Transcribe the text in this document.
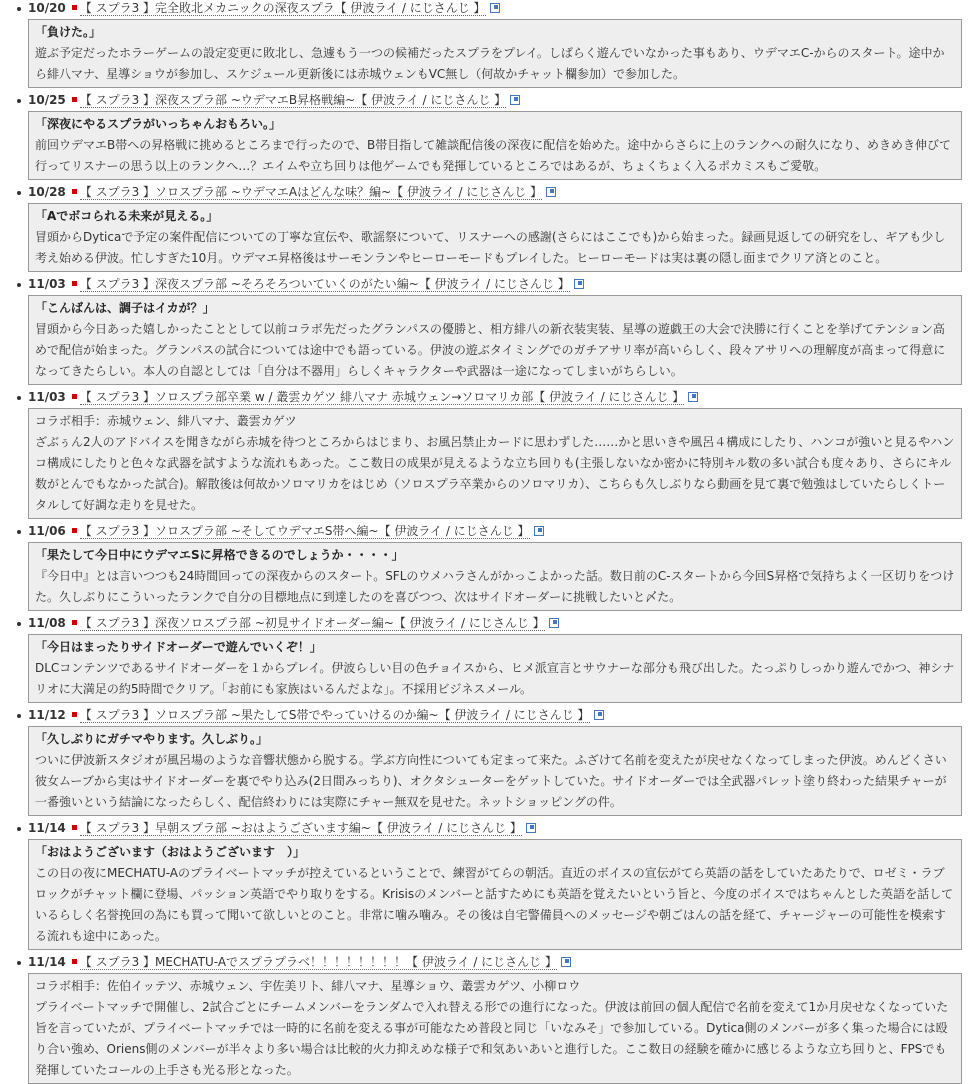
10/20 【 スプラ3 】完全敗北メカニックの深夜スプラ【 伊波ライ / にじさんじ 】
「負けた。」
遊ぶ予定だったホラーゲームの設定変更に敗北し、急遽もう一つの候補だったスプラをプレイ。しばらく遊んでいなかった事もあり、ウデマエC-からのスタート。途中から緋八マナ、星導ショウが参加し、スケジュール更新後には赤城ウェンもVC無し（何故かチャット欄参加）で参加した。
10/25 【 スプラ3 】深夜スプラ部 ~ウデマエB昇格戦編~【 伊波ライ / にじさんじ 】
「深夜にやるスプラがいっちゃんおもろい。」
前回ウデマエB帯への昇格戦に挑めるところまで行ったので、B帯目指して雑談配信後の深夜に配信を始めた。途中からさらに上のランクへの耐久になり、めきめき伸びて行ってリスナーの思う以上のランクへ…？エイムや立ち回りは他ゲームでも発揮しているところではあるが、ちょくちょく入るポカミスもご愛敬。
10/28 【 スプラ3 】ソロスプラ部 ~ウデマエAはどんな味？編~【 伊波ライ / にじさんじ 】
「Aでボコられる未来が見える。」
冒頭からDyticaで予定の案件配信についての丁寧な宣伝や、歌謡祭について、リスナーへの感謝(さらにはここでも)から始まった。録画見返しての研究をし、ギアも少し考え始める伊波。忙しすぎた10月。ウデマエ昇格後はサーモンランやヒーローモードもプレイした。ヒーローモードは実は裏の隠し面までクリア済とのこと。
11/03 【 スプラ3 】深夜スプラ部 ~そろそろついていくのがたい編~【 伊波ライ / にじさんじ 】
「こんばんは、調子はイカが？」
冒頭から今日あった嬉しかったこととして以前コラボ先だったグランパスの優勝と、相方緋八の新衣装実装、星導の遊戯王の大会で決勝に行くことを挙げてテンション高めで配信が始まった。グランパスの試合については途中でも語っている。伊波の遊ぶタイミングでのガチアサリ率が高いらしく、段々アサリへの理解度が高まって得意になってきたらしい。本人の自認としては「自分は不器用」らしくキャラクターや武器は一途になってしまいがちらしい。
11/03 【 スプラ3 】ソロスプラ部卒業 w / 叢雲カゲツ 緋八マナ 赤城ウェン→ソロマリカ部【 伊波ライ / にじさんじ 】
コラボ相手：赤城ウェン、緋八マナ、叢雲カゲツ
ざぶぅん2人のアドバイスを聞きながら赤城を待つところからはじまり、お風呂禁止カードに思わずした……かと思いきや風呂４構成にしたり、ハンコが強いと見るやハンコ構成にしたりと色々な武器を試すような流れもあった。ここ数日の成果が見えるような立ち回りも(主張しないなか密かに特別キル数の多い試合も度々あり、さらにキル数がとんでもなかった試合)。解散後は何故かソロマリカをはじめ（ソロスプラ卒業からのソロマリカ）、こちらも久しぶりなら動画を見て裏で勉強はしていたらしくトータルして好調な走りを見せた。
11/06 【 スプラ3 】ソロスプラ部 ~そしてウデマエS帯へ編~【 伊波ライ / にじさんじ 】
「果たして今日中にウデマエSに昇格できるのでしょうか・・・・」
『今日中』とは言いつつも24時間回っての深夜からのスタート。SFLのウメハラさんがかっこよかった話。数日前のC-スタートから今回S昇格で気持ちよく一区切りをつけた。久しぶりにこういったランクで自分の目標地点に到達したのを喜びつつ、次はサイドオーダーに挑戦したいと〆た。
11/08 【 スプラ3 】深夜ソロスプラ部 ~初見サイドオーダー編~【 伊波ライ / にじさんじ 】
「今日はまったりサイドオーダーで遊んでいくぞ！」
DLCコンテンツであるサイドオーダーを１からプレイ。伊波らしい目の色チョイスから、ヒメ派宣言とサウナーな部分も飛び出した。たっぷりしっかり遊んでかつ、神シナリオに大満足の約5時間でクリア。「お前にも家族はいるんだよな」。不採用ビジネスメール。
11/12 【 スプラ3 】ソロスプラ部 ~果たしてS帯でやっていけるのか編~【 伊波ライ / にじさんじ 】
「久しぶりにガチマやります。久しぶり。」
ついに伊波新スタジオが風呂場のような音響状態から脱する。学ぶ方向性についても定まって来た。ふざけて名前を変えたが戻せなくなってしまった伊波。めんどくさい彼女ムーブから実はサイドオーダーを裏でやり込み(2日間みっちり)、オクタシューターをゲットしていた。サイドオーダーでは全武器パレット塗り終わった結果チャーが一番強いという結論になったらしく、配信終わりには実際にチャー無双を見せた。ネットショッピングの件。
11/14 【 スプラ3 】早朝スプラ部 ~おはようございます編~【 伊波ライ / にじさんじ 】
「おはようございます（おはようございます　）」
この日の夜にMECHATU-Aのプライベートマッチが控えているということで、練習がてらの朝活。直近のボイスの宣伝がてら英語の話をしていたあたりで、ロゼミ・ラブロックがチャット欄に登場、パッション英語でやり取りをする。Krisisのメンバーと話すためにも英語を覚えたいという旨と、今度のボイスではちゃんとした英語を話しているらしく名誉挽回の為にも買って聞いて欲しいとのこと。非常に噛み噛み。その後は自宅警備員へのメッセージや朝ごはんの話を経て、チャージャーの可能性を模索する流れも途中にあった。
11/14 【 スプラ3 】MECHATU-Aでスプラプラベ！！！！！！！！【 伊波ライ / にじさんじ 】
コラボ相手：佐伯イッテツ、赤城ウェン、宇佐美リト、緋八マナ、星導ショウ、叢雲カゲツ、小柳ロウ
プライベートマッチで開催し、2試合ごとにチームメンバーをランダムで入れ替える形での進行になった。伊波は前回の個人配信で名前を変えて1か月戻せなくなっていた旨を言っていたが、プライベートマッチでは一時的に名前を変える事が可能なため普段と同じ「いなみそ」で参加している。Dytica側のメンバーが多く集った場合には殴り合い強め、Oriens側のメンバーが半々より多い場合は比較的火力抑えめな様子で和気あいあいと進行した。ここ数日の経験を確かに感じるような立ち回りと、FPSでも発揮していたコールの上手さも光る形となった。
